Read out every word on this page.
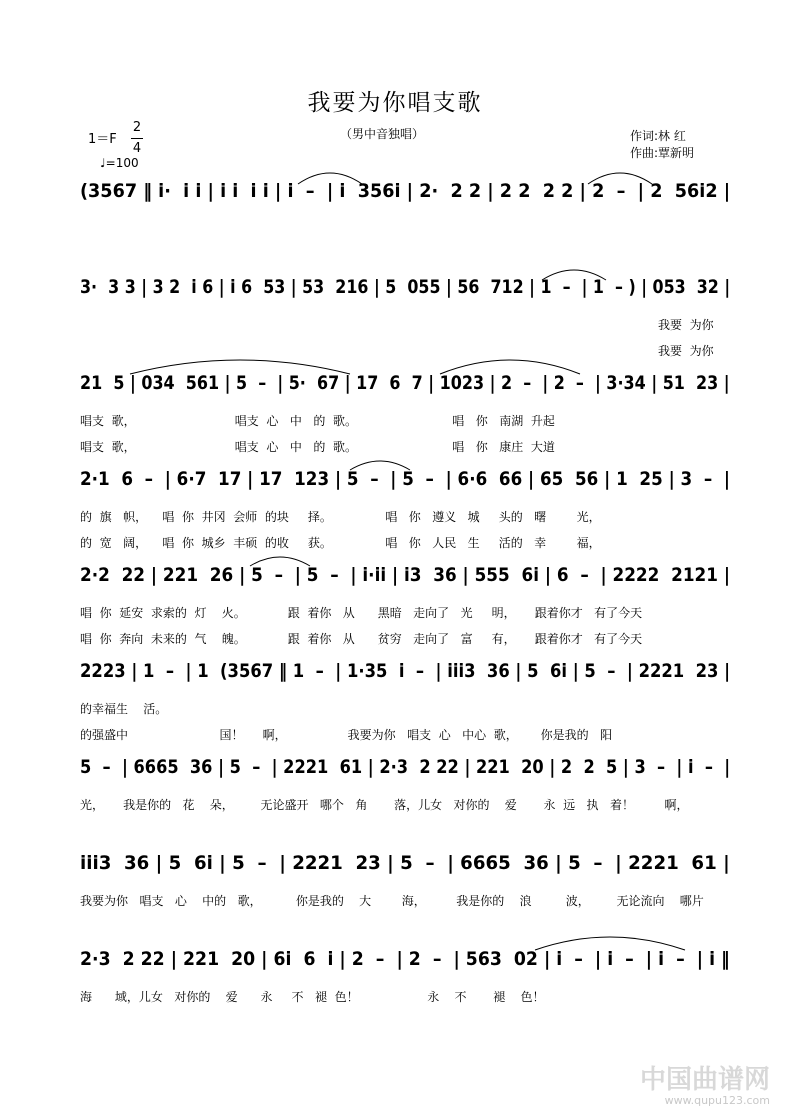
我要为你唱支歌
（男中音独唱）	作词:林 红
作曲:覃新明
1＝F
2
4
♩=100
(3567 ‖ i·  i i | i i  i i | i  –  | i  356i | 2·  2 2 | 2 2  2 2 | 2  –  | 2  56i2 |
3·  3 3 | 3 2  i 6 | i 6  53 | 53  216 | 5  055 | 56  712 | 1  –  | 1  – ) | 053  32 |
我要  为你
我要  为你
21  5 | 034  561 | 5  –  | 5·  67 | 17  6  7 | 1023 | 2  –  | 2  –  | 3·34 | 51  23 |
唱支  歌，                          唱支  心   中   的  歌。                         唱   你   南湖  升起
唱支  歌，                          唱支  心   中   的  歌。                         唱   你   康庄  大道
2·1  6  –  | 6·7  17 | 17  123 | 5  –  | 5  –  | 6·6  66 | 65  56 | 1  25 | 3  –  |
的  旗   帜，    唱  你  井冈  会师  的块     择。              唱   你   遵义   城     头的   曙        光，
的  宽   阔，    唱  你  城乡  丰硕  的收     获。              唱   你   人民   生     活的   幸        福，
2·2  22 | 221  26 | 5  –  | 5  –  | i·ii | i3  36 | 555  6i | 6  –  | 2222  2121 |
唱  你  延安  求索的  灯    火。           跟  着你   从      黑暗   走向了   光     明，     跟着你才   有了今天
唱  你  奔向  未来的  气    魄。           跟  着你   从      贫穷   走向了   富     有，     跟着你才   有了今天
2223 | 1  –  | 1  (3567 ‖ 1  –  | 1·35  i  –  | iii3  36 | 5  6i | 5  –  | 2221  23 |
的幸福生    活。
的强盛中                        国！     啊，                我要为你   唱支  心   中心  歌，      你是我的   阳
5  –  | 6665  36 | 5  –  | 2221  61 | 2·3  2 22 | 221  20 | 2  2  5 | 3  –  | i  –  |
光，     我是你的   花    朵，       无论盛开   哪个   角       落，儿女   对你的    爱       永  远   执   着！        啊，
iii3  36 | 5  6i | 5  –  | 2221  23 | 5  –  | 6665  36 | 5  –  | 2221  61 |
我要为你   唱支   心    中的   歌，         你是我的    大        海，        我是你的    浪         波，       无论流向    哪片
2·3  2 22 | 221  20 | 6i  6  i | 2  –  | 2  –  | 563  02 | i  –  | i  –  | i  –  | i ‖
海      域，儿女   对你的    爱      永     不   褪  色！                  永    不       褪    色！
中国曲谱网
www.qupu123.com
